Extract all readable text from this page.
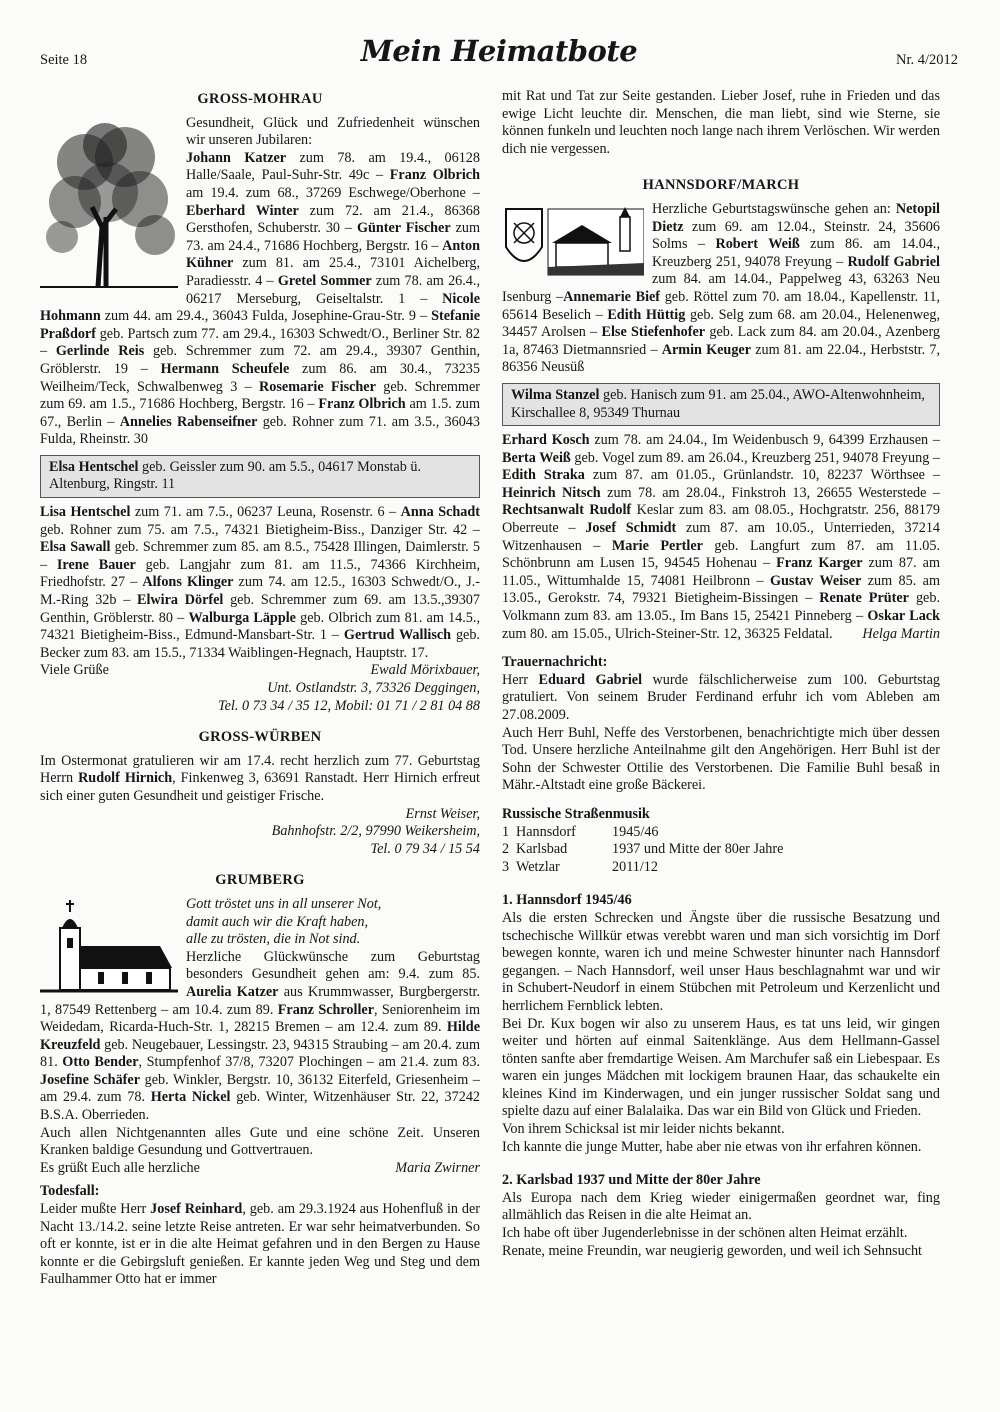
Seite 18	Mein Heimatbote	Nr. 4/2012
GROSS-MOHRAU

Gesundheit, Glück und Zufriedenheit wünschen wir unseren Jubilaren:

Johann Katzer zum 78. am 19.4., 06128 Halle/Saale, Paul-Suhr-Str. 49c – Franz Olbrich am 19.4. zum 68., 37269 Eschwege/Oberhone – Eberhard Winter zum 72. am 21.4., 86368 Gersthofen, Schuberstr. 30 – Günter Fischer zum 73. am 24.4., 71686 Hochberg, Bergstr. 16 – Anton Kühner zum 81. am 25.4., 73101 Aichelberg, Paradiesstr. 4 – Gretel Sommer zum 78. am 26.4., 06217 Merseburg, Geiseltalstr. 1 – Nicole Hohmann zum 44. am 29.4., 36043 Fulda, Josephine-Grau-Str. 9 – Stefanie Praßdorf geb. Partsch zum 77. am 29.4., 16303 Schwedt/O., Berliner Str. 82 – Gerlinde Reis geb. Schremmer zum 72. am 29.4., 39307 Genthin, Gröblerstr. 19 – Hermann Scheufele zum 86. am 30.4., 73235 Weilheim/Teck, Schwalbenweg 3 – Rosemarie Fischer geb. Schremmer zum 69. am 1.5., 71686 Hochberg, Bergstr. 16 – Franz Olbrich am 1.5. zum 67., Berlin – Annelies Rabenseifner geb. Rohner zum 71. am 3.5., 36043 Fulda, Rheinstr. 30

Elsa Hentschel geb. Geissler zum 90. am 5.5., 04617 Monstab ü. Altenburg, Ringstr. 11

Lisa Hentschel zum 71. am 7.5., 06237 Leuna, Rosenstr. 6 – Anna Schadt geb. Rohner zum 75. am 7.5., 74321 Bietigheim-Biss., Danziger Str. 42 – Elsa Sawall geb. Schremmer zum 85. am 8.5., 75428 Illingen, Daimlerstr. 5 – Irene Bauer geb. Langjahr zum 81. am 11.5., 74366 Kirchheim, Friedhofstr. 27 – Alfons Klinger zum 74. am 12.5., 16303 Schwedt/O., J.-M.-Ring 32b – Elwira Dörfel geb. Schremmer zum 69. am 13.5.,39307 Genthin, Gröblerstr. 80 – Walburga Läpple geb. Olbrich zum 81. am 14.5., 74321 Bietigheim-Biss., Edmund-Mansbart-Str. 1 – Gertrud Wallisch geb. Becker zum 83. am 15.5., 71334 Waiblingen-Hegnach, Hauptstr. 17.

Viele Grüße	Ewald Mörixbauer,
Unt. Ostlandstr. 3, 73326 Deggingen,
Tel. 0 73 34 / 35 12, Mobil: 01 71 / 2 81 04 88
GROSS-WÜRBEN

Im Ostermonat gratulieren wir am 17.4. recht herzlich zum 77. Geburtstag Herrn Rudolf Hirnich, Finkenweg 3, 63691 Ranstadt. Herr Hirnich erfreut sich einer guten Gesundheit und geistiger Frische.

Ernst Weiser,
Bahnhofstr. 2/2, 97990 Weikersheim,
Tel. 0 79 34 / 15 54
GRUMBERG
Gott tröstet uns in all unserer Not,
damit auch wir die Kraft haben,
alle zu trösten, die in Not sind.

Herzliche Glückwünsche zum Geburtstag besonders Gesundheit gehen am: 9.4. zum 85. Aurelia Katzer aus Krummwasser, Burgbergerstr. 1, 87549 Rettenberg – am 10.4. zum 89. Franz Schroller, Seniorenheim im Weidedam, Ricarda-Huch-Str. 1, 28215 Bremen – am 12.4. zum 89. Hilde Kreuzfeld geb. Neugebauer, Lessingstr. 23, 94315 Straubing – am 20.4. zum 81. Otto Bender, Stumpfenhof 37/8, 73207 Plochingen – am 21.4. zum 83. Josefine Schäfer geb. Winkler, Bergstr. 10, 36132 Eiterfeld, Griesenheim – am 29.4. zum 78. Herta Nickel geb. Winter, Witzenhäuser Str. 22, 37242 B.S.A. Oberrieden.

Auch allen Nichtgenannten alles Gute und eine schöne Zeit. Unseren Kranken baldige Gesundung und Gottvertrauen.

Es grüßt Euch alle herzliche	Maria Zwirner
Todesfall:

Leider mußte Herr Josef Reinhard, geb. am 29.3.1924 aus Hohenfluß in der Nacht 13./14.2. seine letzte Reise antreten. Er war sehr heimatverbunden. So oft er konnte, ist er in die alte Heimat gefahren und in den Bergen zu Hause konnte er die Gebirgsluft genießen. Er kannte jeden Weg und Steg und dem Faulhammer Otto hat er immer

mit Rat und Tat zur Seite gestanden. Lieber Josef, ruhe in Frieden und das ewige Licht leuchte dir. Menschen, die man liebt, sind wie Sterne, sie können funkeln und leuchten noch lange nach ihrem Verlöschen. Wir werden dich nie vergessen.

HANNSDORF/MARCH

Herzliche Geburtstagswünsche gehen an: Netopil Dietz zum 69. am 12.04., Steinstr. 24, 35606 Solms – Robert Weiß zum 86. am 14.04., Kreuzberg 251, 94078 Freyung – Rudolf Gabriel zum 84. am 14.04., Pappelweg 43, 63263 Neu Isenburg –Annemarie Bief geb. Röttel zum 70. am 18.04., Kapellenstr. 11, 65614 Beselich – Edith Hüttig geb. Selg zum 68. am 20.04., Helenenweg, 34457 Arolsen – Else Stiefenhofer geb. Lack zum 84. am 20.04., Azenberg 1a, 87463 Dietmannsried – Armin Keuger zum 81. am 22.04., Herbststr. 7, 86356 Neusüß

Wilma Stanzel geb. Hanisch zum 91. am 25.04., AWO-Altenwohnheim, Kirschallee 8, 95349 Thurnau

Erhard Kosch zum 78. am 24.04., Im Weidenbusch 9, 64399 Erzhausen – Berta Weiß geb. Vogel zum 89. am 26.04., Kreuzberg 251, 94078 Freyung – Edith Straka zum 87. am 01.05., Grünlandstr. 10, 82237 Wörthsee – Heinrich Nitsch zum 78. am 28.04., Finkstroh 13, 26655 Westerstede – Rechtsanwalt Rudolf Keslar zum 83. am 08.05., Hochgratstr. 256, 88179 Oberreute – Josef Schmidt zum 87. am 10.05., Unterrieden, 37214 Witzenhausen – Marie Pertler geb. Langfurt zum 87. am 11.05. Schönbrunn am Lusen 15, 94545 Hohenau – Franz Karger zum 87. am 11.05., Wittumhalde 15, 74081 Heilbronn – Gustav Weiser zum 85. am 13.05., Gerokstr. 74, 79321 Bietigheim-Bissingen – Renate Prüter geb. Volkmann zum 83. am 13.05., Im Bans 15, 25421 Pinneberg – Oskar Lack zum 80. am 15.05., Ulrich-Steiner-Str. 12, 36325 Feldatal.	Helga Martin
Trauernachricht:

Herr Eduard Gabriel wurde fälschlicherweise zum 100. Geburtstag gratuliert. Von seinem Bruder Ferdinand erfuhr ich vom Ableben am 27.08.2009.

Auch Herr Buhl, Neffe des Verstorbenen, benachrichtigte mich über dessen Tod. Unsere herzliche Anteilnahme gilt den Angehörigen. Herr Buhl ist der Sohn der Schwester Ottilie des Verstorbenen. Die Familie Buhl besaß in Mähr.-Altstadt eine große Bäckerei.

Russische Straßenmusik
1	Hannsdorf	1945/46
2	Karlsbad	1937 und Mitte der 80er Jahre
3	Wetzlar	2011/12
1. Hannsdorf 1945/46

Als die ersten Schrecken und Ängste über die russische Besatzung und tschechische Willkür etwas verebbt waren und man sich vorsichtig im Dorf bewegen konnte, waren ich und meine Schwester hinunter nach Hannsdorf gegangen. – Nach Hannsdorf, weil unser Haus beschlagnahmt war und wir in Schubert-Neudorf in einem Stübchen mit Petroleum und Kerzenlicht und herrlichem Fernblick lebten.

Bei Dr. Kux bogen wir also zu unserem Haus, es tat uns leid, wir gingen weiter und hörten auf einmal Saitenklänge. Aus dem Hellmann-Gassel tönten sanfte aber fremdartige Weisen. Am Marchufer saß ein Liebespaar. Es waren ein junges Mädchen mit lockigem braunen Haar, das schaukelte ein kleines Kind im Kinderwagen, und ein junger russischer Soldat sang und spielte dazu auf einer Balalaika. Das war ein Bild von Glück und Frieden.

Von ihrem Schicksal ist mir leider nichts bekannt.

Ich kannte die junge Mutter, habe aber nie etwas von ihr erfahren können.

2. Karlsbad 1937 und Mitte der 80er Jahre

Als Europa nach dem Krieg wieder einigermaßen geordnet war, fing allmählich das Reisen in die alte Heimat an.

Ich habe oft über Jugenderlebnisse in der schönen alten Heimat erzählt.

Renate, meine Freundin, war neugierig geworden, und weil ich Sehnsucht
